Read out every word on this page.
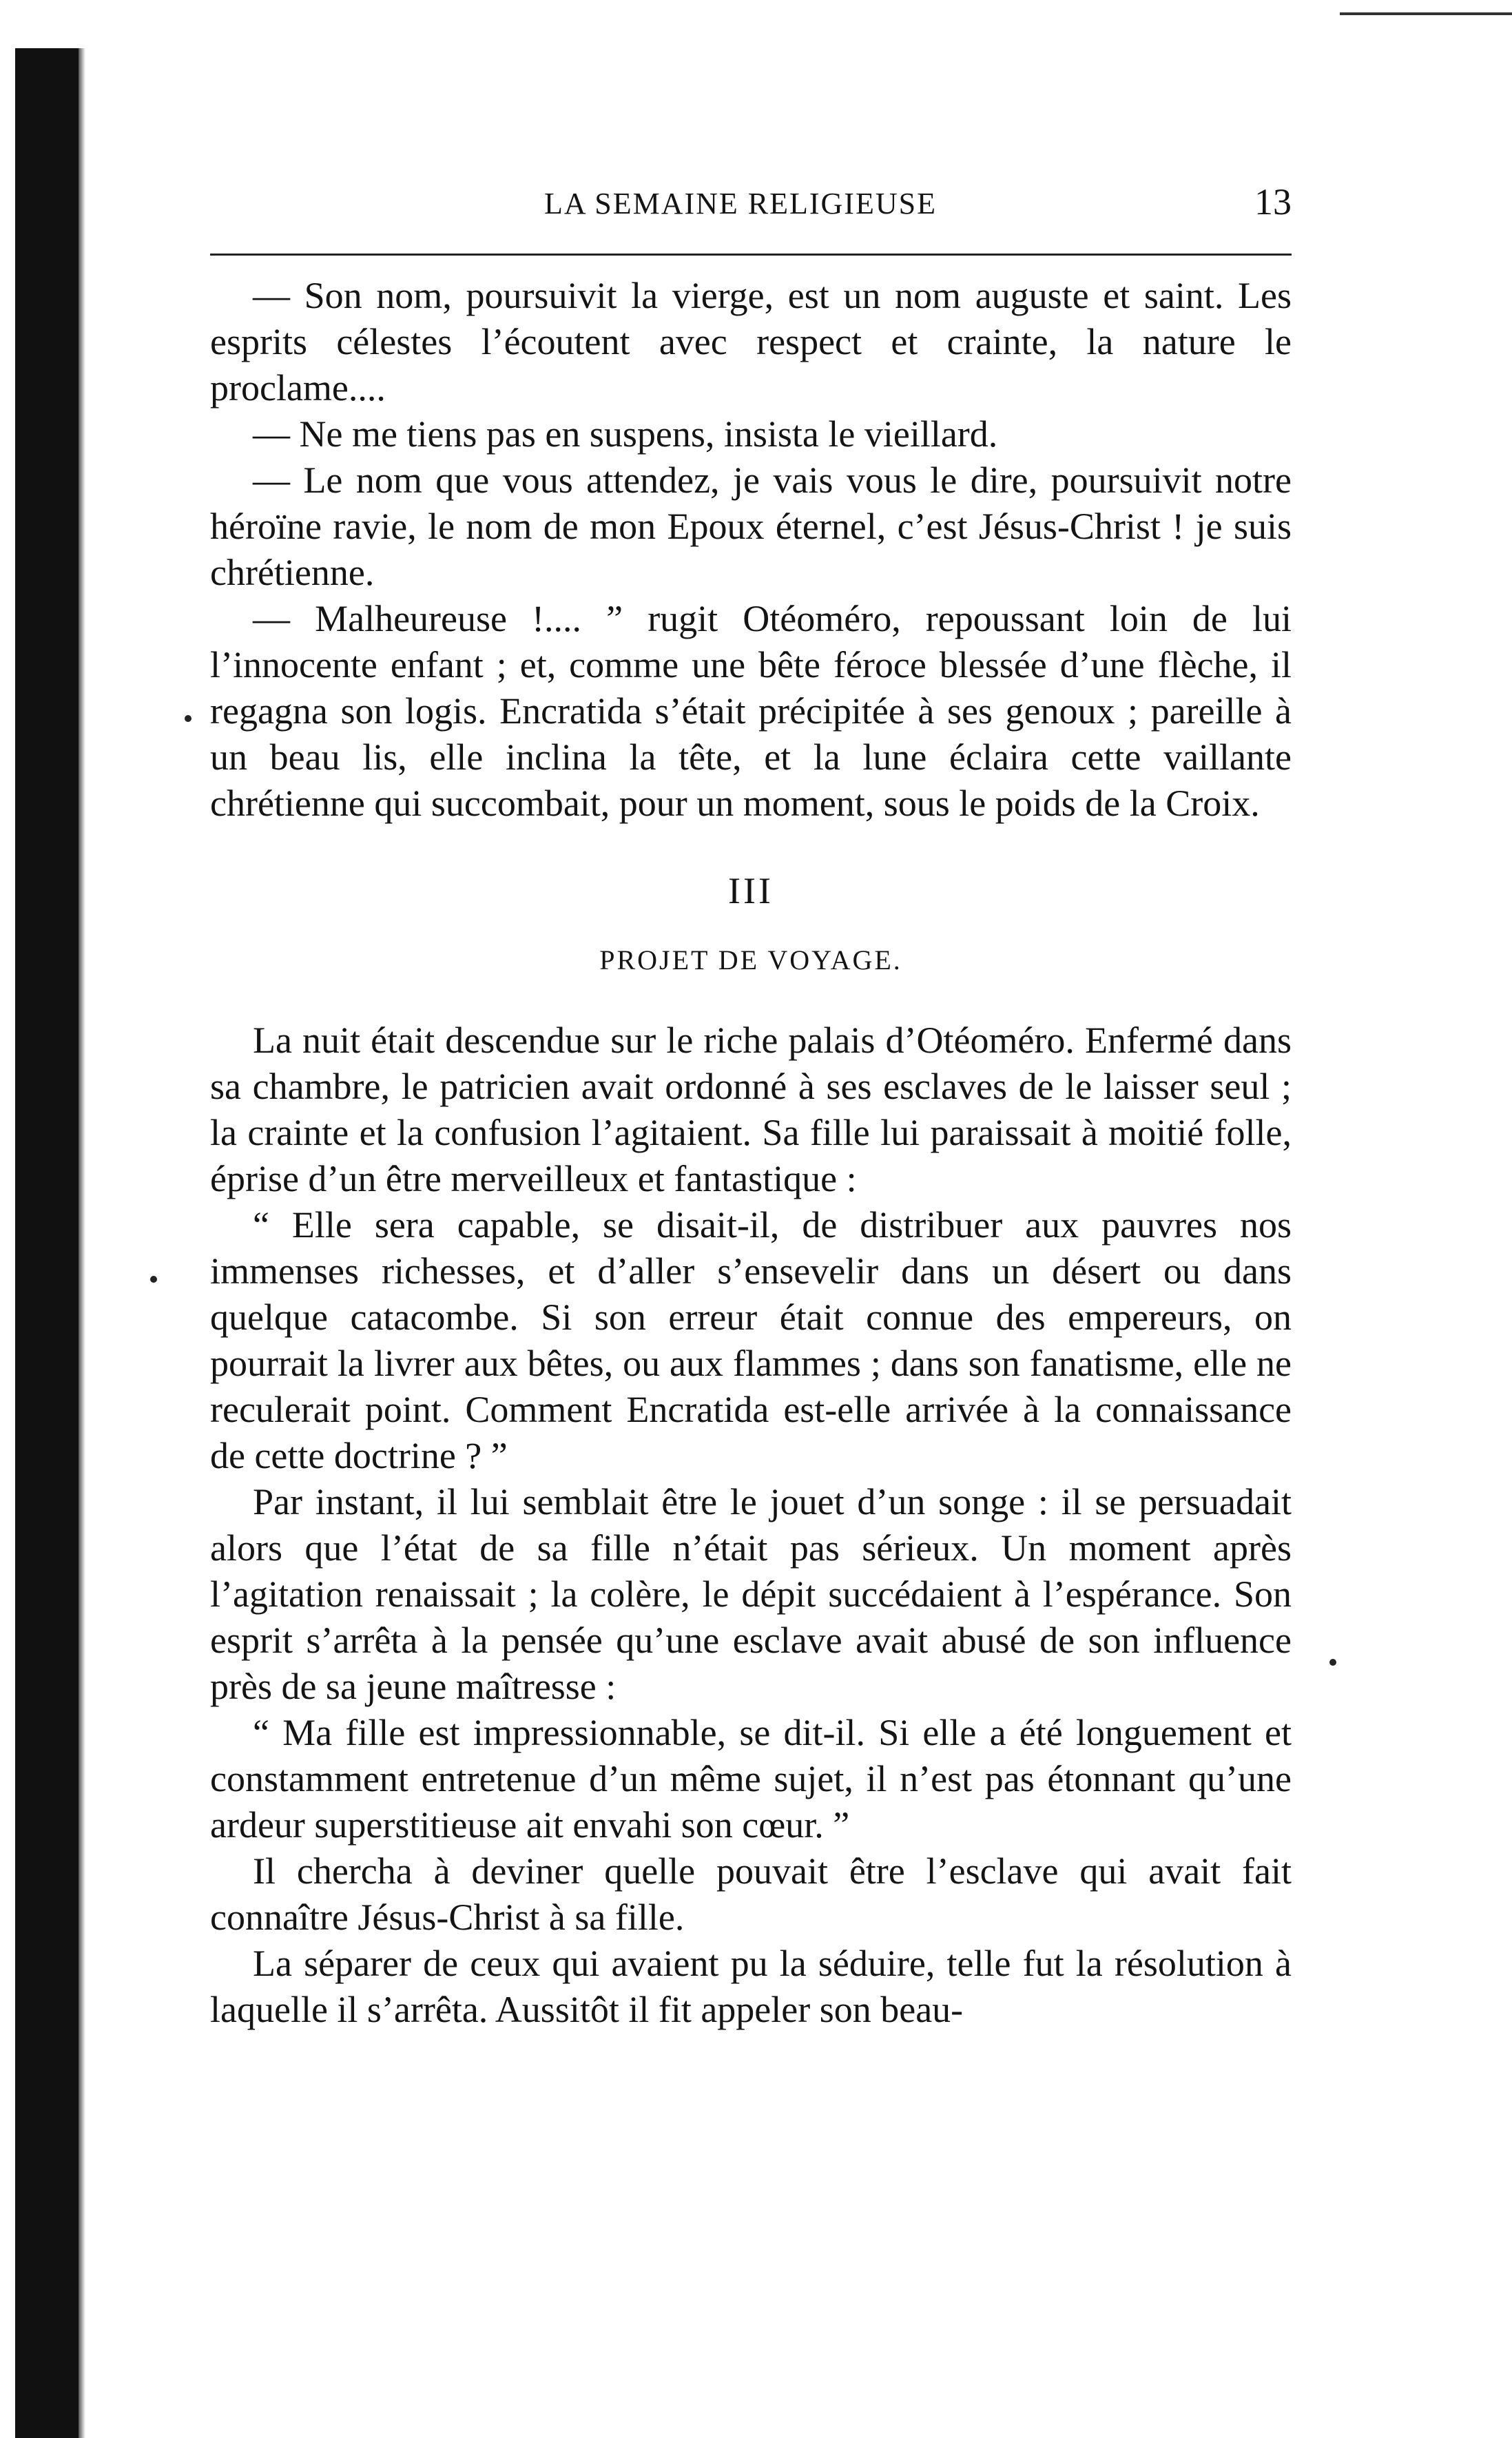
LA SEMAINE RELIGIEUSE	13

— Son nom, poursuivit la vierge, est un nom auguste et saint. Les esprits célestes l’écoutent avec respect et crainte, la nature le proclame....

— Ne me tiens pas en suspens, insista le vieillard.

— Le nom que vous attendez, je vais vous le dire, poursuivit notre héroïne ravie, le nom de mon Epoux éternel, c’est Jésus-Christ ! je suis chrétienne.

— Malheureuse !.... ” rugit Otéoméro, repoussant loin de lui l’innocente enfant ; et, comme une bête féroce blessée d’une flèche, il regagna son logis. Encratida s’était précipitée à ses genoux ; pareille à un beau lis, elle inclina la tête, et la lune éclaira cette vaillante chrétienne qui succombait, pour un moment, sous le poids de la Croix.

III
PROJET DE VOYAGE.

La nuit était descendue sur le riche palais d’Otéoméro. Enfermé dans sa chambre, le patricien avait ordonné à ses esclaves de le laisser seul ; la crainte et la confusion l’agitaient. Sa fille lui paraissait à moitié folle, éprise d’un être merveilleux et fantastique :

“ Elle sera capable, se disait-il, de distribuer aux pauvres nos immenses richesses, et d’aller s’ensevelir dans un désert ou dans quelque catacombe. Si son erreur était connue des empereurs, on pourrait la livrer aux bêtes, ou aux flammes ; dans son fanatisme, elle ne reculerait point. Comment Encratida est-elle arrivée à la connaissance de cette doctrine ? ”

Par instant, il lui semblait être le jouet d’un songe : il se persuadait alors que l’état de sa fille n’était pas sérieux. Un moment après l’agitation renaissait ; la colère, le dépit succédaient à l’espérance. Son esprit s’arrêta à la pensée qu’une esclave avait abusé de son influence près de sa jeune maîtresse :

“ Ma fille est impressionnable, se dit-il. Si elle a été longuement et constamment entretenue d’un même sujet, il n’est pas étonnant qu’une ardeur superstitieuse ait envahi son cœur. ”

Il chercha à deviner quelle pouvait être l’esclave qui avait fait connaître Jésus-Christ à sa fille.

La séparer de ceux qui avaient pu la séduire, telle fut la résolution à laquelle il s’arrêta. Aussitôt il fit appeler son beau-
